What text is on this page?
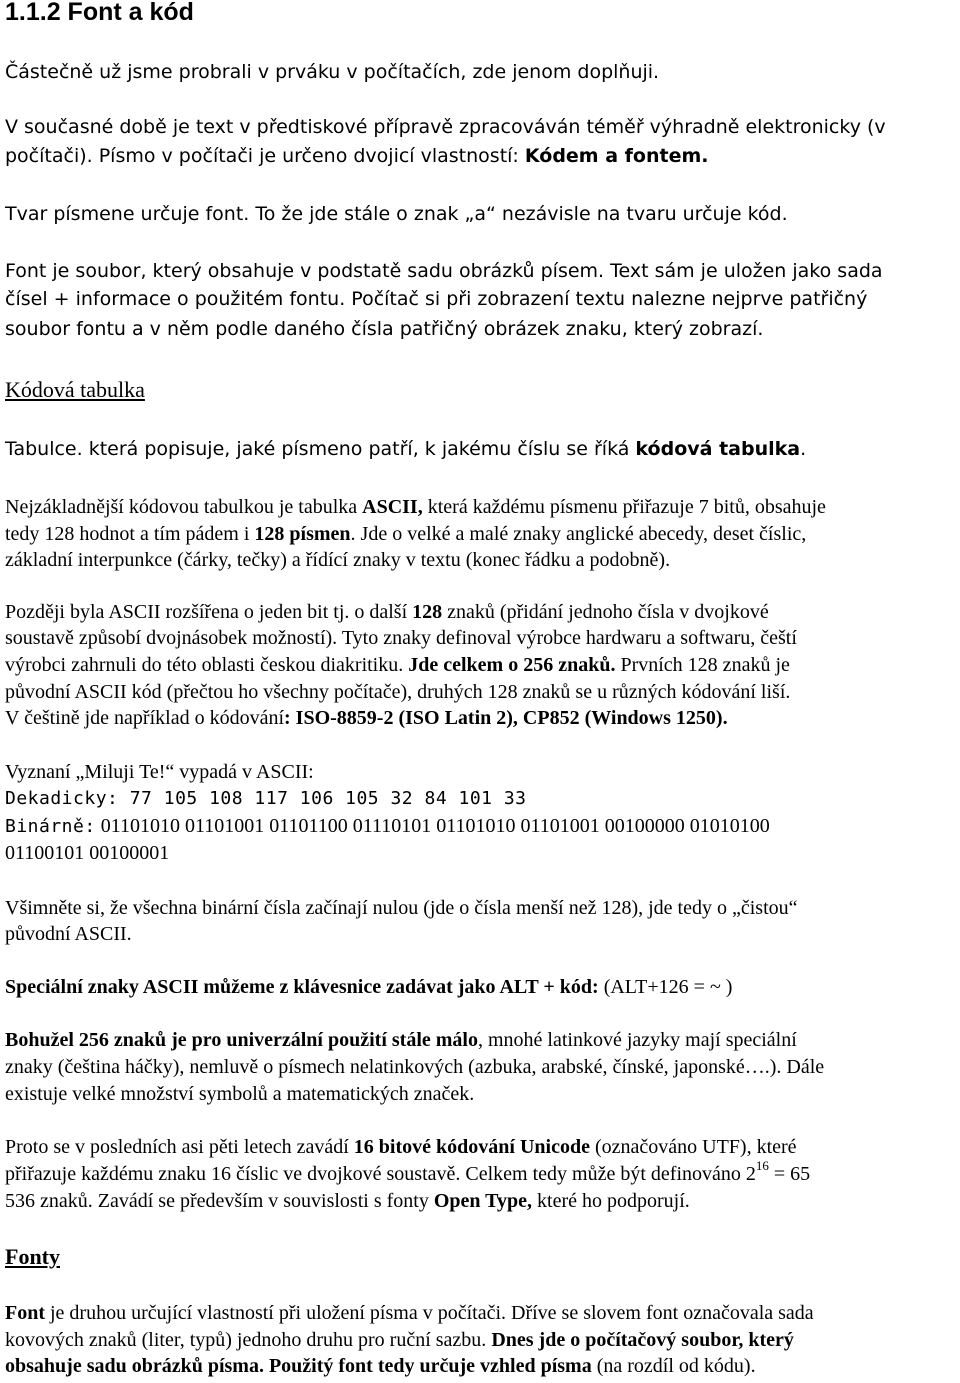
1.1.2 Font a kód
Částečně už jsme probrali v prváku v počítačích, zde jenom doplňuji.
V současné době je text v předtiskové přípravě zpracováván téměř výhradně elektronicky (v
počítači). Písmo v počítači je určeno dvojicí vlastností: Kódem a fontem.
Tvar písmene určuje font. To že jde stále o znak „a“ nezávisle na tvaru určuje kód.
Font je soubor, který obsahuje v podstatě sadu obrázků písem. Text sám je uložen jako sada
čísel + informace o použitém fontu. Počítač si při zobrazení textu nalezne nejprve patřičný
soubor fontu a v něm podle daného čísla patřičný obrázek znaku, který zobrazí.
Kódová tabulka
Tabulce. která popisuje, jaké písmeno patří, k jakému číslu se říká kódová tabulka.
Nejzákladnější kódovou tabulkou je tabulka ASCII, která každému písmenu přiřazuje 7 bitů, obsahuje
tedy 128 hodnot a tím pádem i 128 písmen. Jde o velké a malé znaky anglické abecedy, deset číslic,
základní interpunkce (čárky, tečky) a řídící znaky v textu (konec řádku a podobně).
Později byla ASCII rozšířena o jeden bit tj. o další 128 znaků (přidání jednoho čísla v dvojkové
soustavě způsobí dvojnásobek možností). Tyto znaky definoval výrobce hardwaru a softwaru, čeští
výrobci zahrnuli do této oblasti českou diakritiku. Jde celkem o 256 znaků. Prvních 128 znaků je
původní ASCII kód (přečtou ho všechny počítače), druhých 128 znaků se u různých kódování liší.
V češtině jde například o kódování: ISO-8859-2 (ISO Latin 2), CP852 (Windows 1250).
Vyznaní „Miluji Te!“ vypadá v ASCII:
Dekadicky: 77 105 108 117 106 105 32 84 101 33
Binárně: 01101010 01101001 01101100 01110101 01101010 01101001 00100000 01010100
01100101 00100001
Všimněte si, že všechna binární čísla začínají nulou (jde o čísla menší než 128), jde tedy o „čistou“
původní ASCII.
Speciální znaky ASCII můžeme z klávesnice zadávat jako ALT + kód: (ALT+126 = ~ )
Bohužel 256 znaků je pro univerzální použití stále málo, mnohé latinkové jazyky mají speciální
znaky (čeština háčky), nemluvě o písmech nelatinkových (azbuka, arabské, čínské, japonské….). Dále
existuje velké množství symbolů a matematických značek.
Proto se v posledních asi pěti letech zavádí 16 bitové kódování Unicode (označováno UTF), které
přiřazuje každému znaku 16 číslic ve dvojkové soustavě. Celkem tedy může být definováno $2^{16} = 65$
536 znaků. Zavádí se především v souvislosti s fonty Open Type, které ho podporují.
Fonty
Font je druhou určující vlastností při uložení písma v počítači. Dříve se slovem font označovala sada
kovových znaků (liter, typů) jednoho druhu pro ruční sazbu. Dnes jde o počítačový soubor, který
obsahuje sadu obrázků písma. Použitý font tedy určuje vzhled písma (na rozdíl od kódu).
